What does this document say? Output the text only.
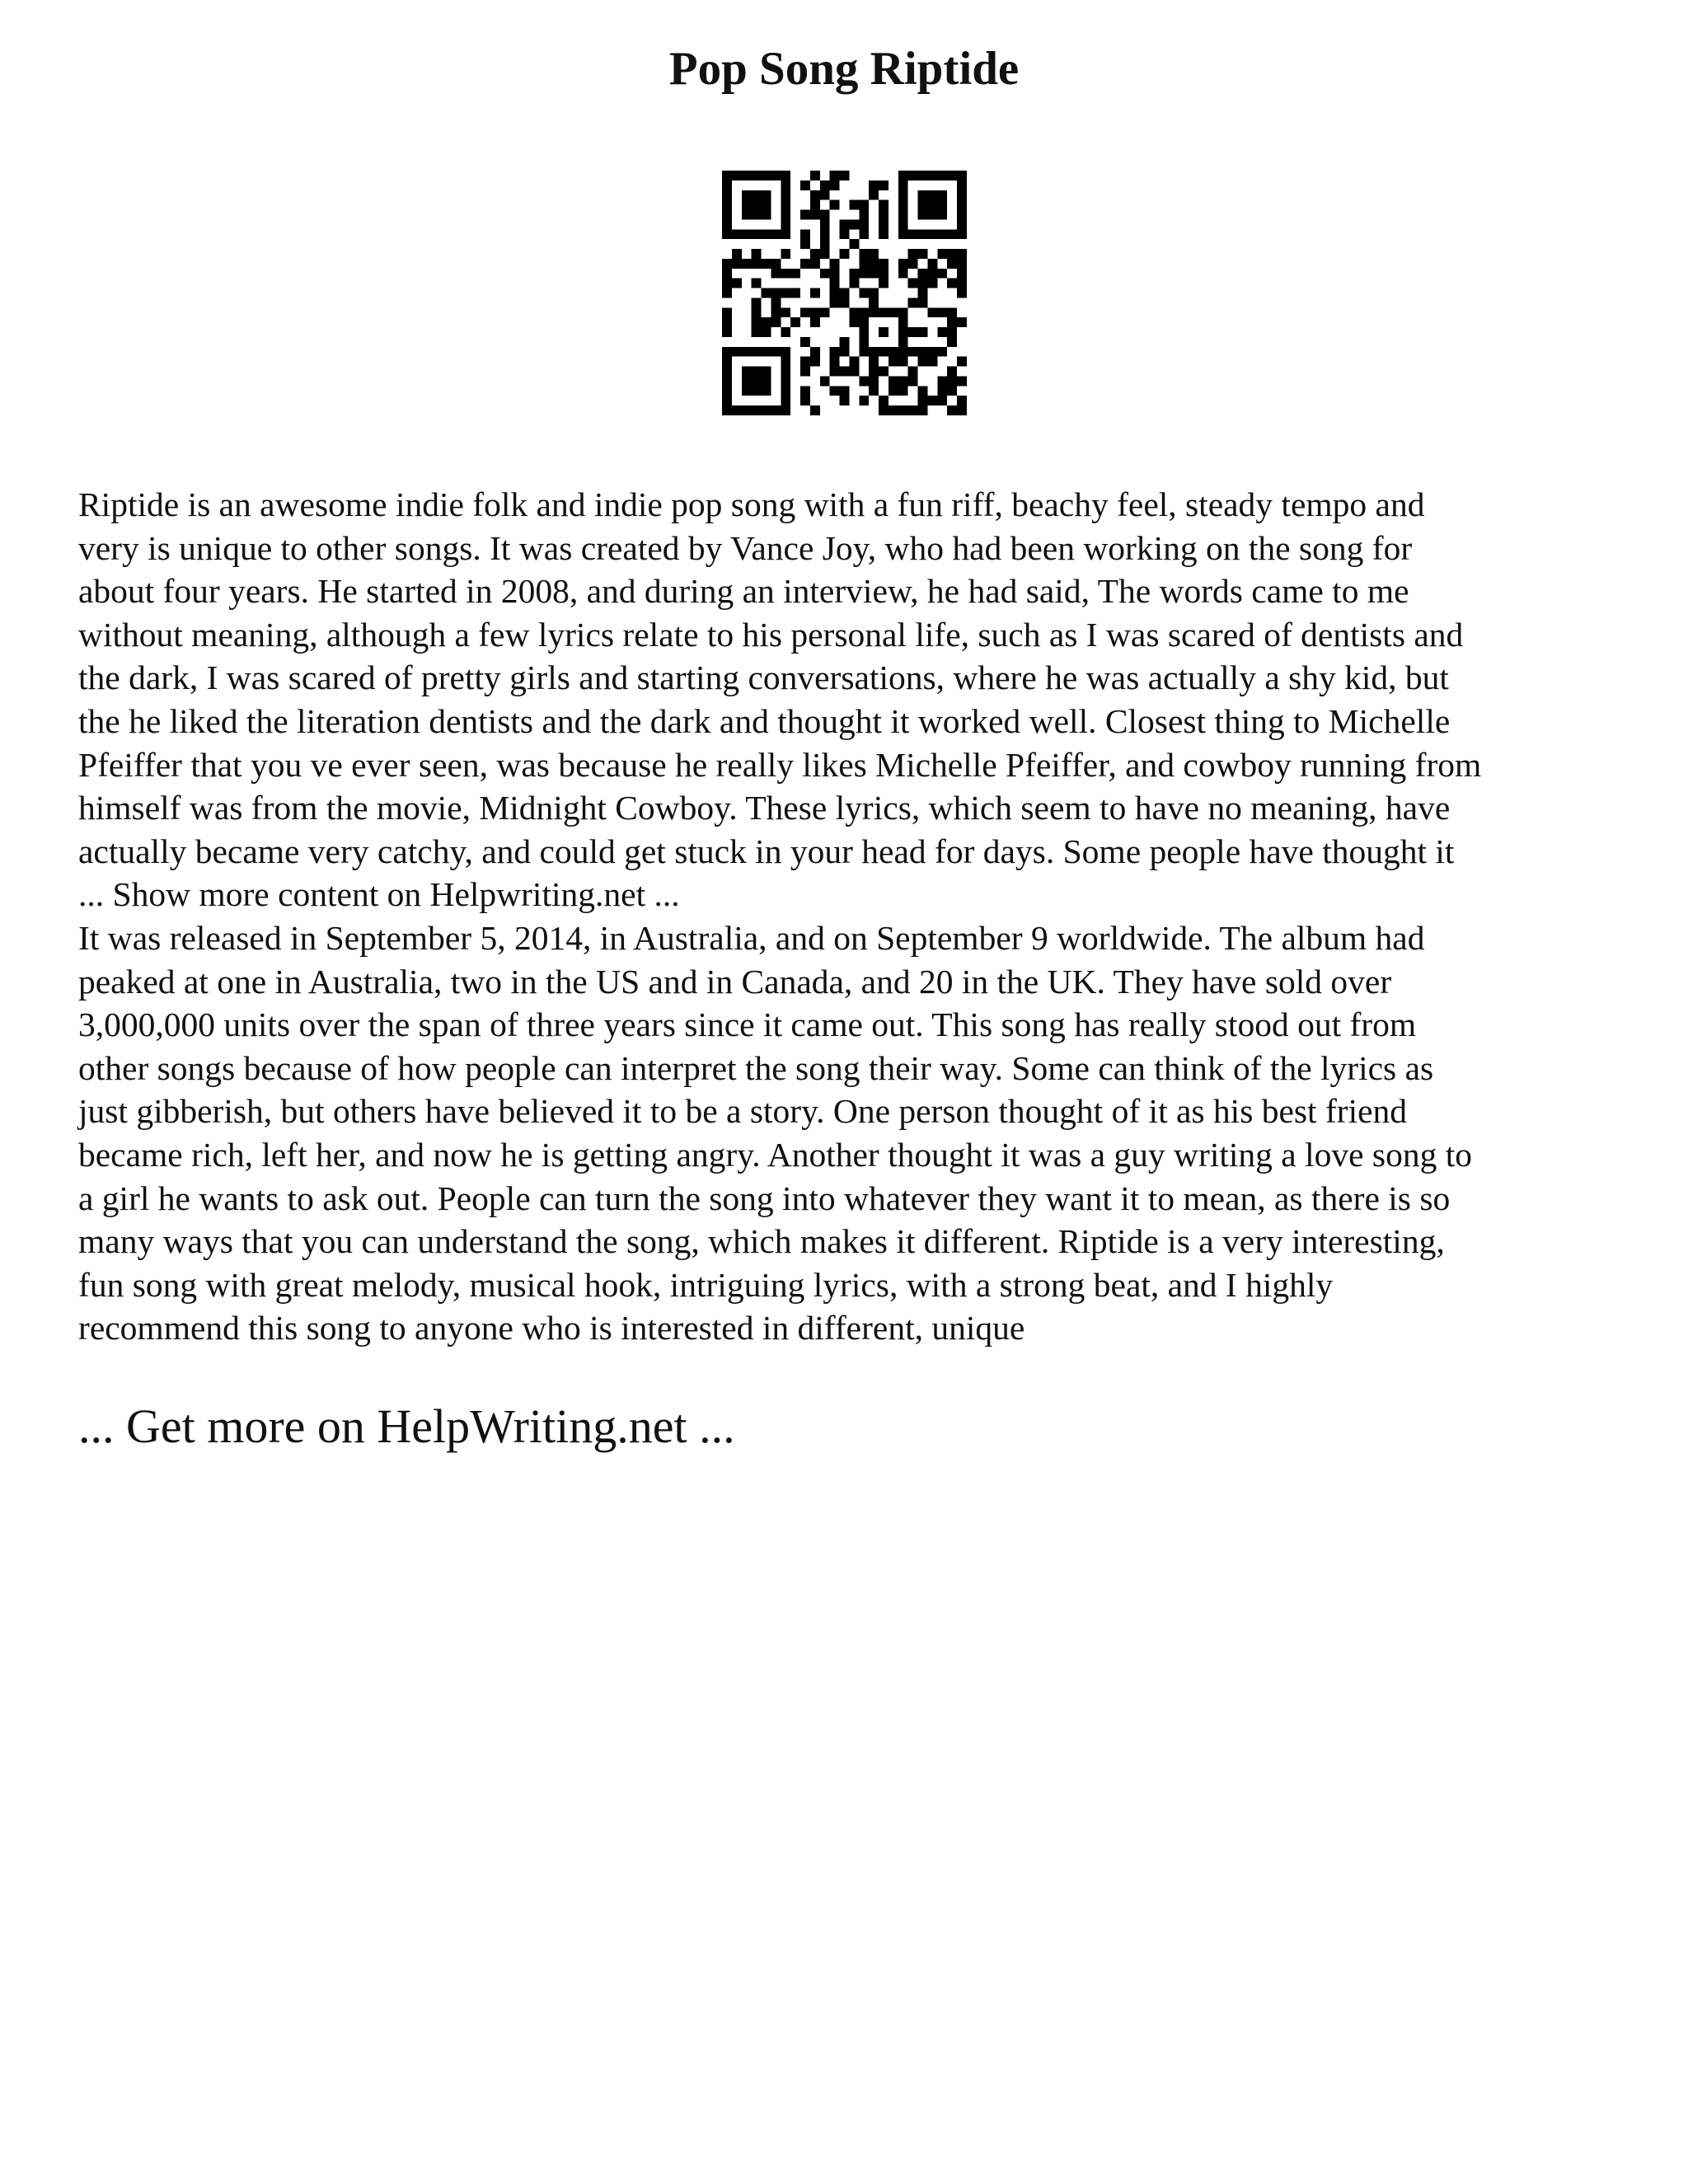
Pop Song Riptide

Riptide is an awesome indie folk and indie pop song with a fun riff, beachy feel, steady tempo and
very is unique to other songs. It was created by Vance Joy, who had been working on the song for
about four years. He started in 2008, and during an interview, he had said, The words came to me
without meaning, although a few lyrics relate to his personal life, such as I was scared of dentists and
the dark, I was scared of pretty girls and starting conversations, where he was actually a shy kid, but
the he liked the literation dentists and the dark and thought it worked well. Closest thing to Michelle
Pfeiffer that you ve ever seen, was because he really likes Michelle Pfeiffer, and cowboy running from
himself was from the movie, Midnight Cowboy. These lyrics, which seem to have no meaning, have
actually became very catchy, and could get stuck in your head for days. Some people have thought it
... Show more content on Helpwriting.net ...
It was released in September 5, 2014, in Australia, and on September 9 worldwide. The album had
peaked at one in Australia, two in the US and in Canada, and 20 in the UK. They have sold over
3,000,000 units over the span of three years since it came out. This song has really stood out from
other songs because of how people can interpret the song their way. Some can think of the lyrics as
just gibberish, but others have believed it to be a story. One person thought of it as his best friend
became rich, left her, and now he is getting angry. Another thought it was a guy writing a love song to
a girl he wants to ask out. People can turn the song into whatever they want it to mean, as there is so
many ways that you can understand the song, which makes it different. Riptide is a very interesting,
fun song with great melody, musical hook, intriguing lyrics, with a strong beat, and I highly
recommend this song to anyone who is interested in different, unique

... Get more on HelpWriting.net ...
